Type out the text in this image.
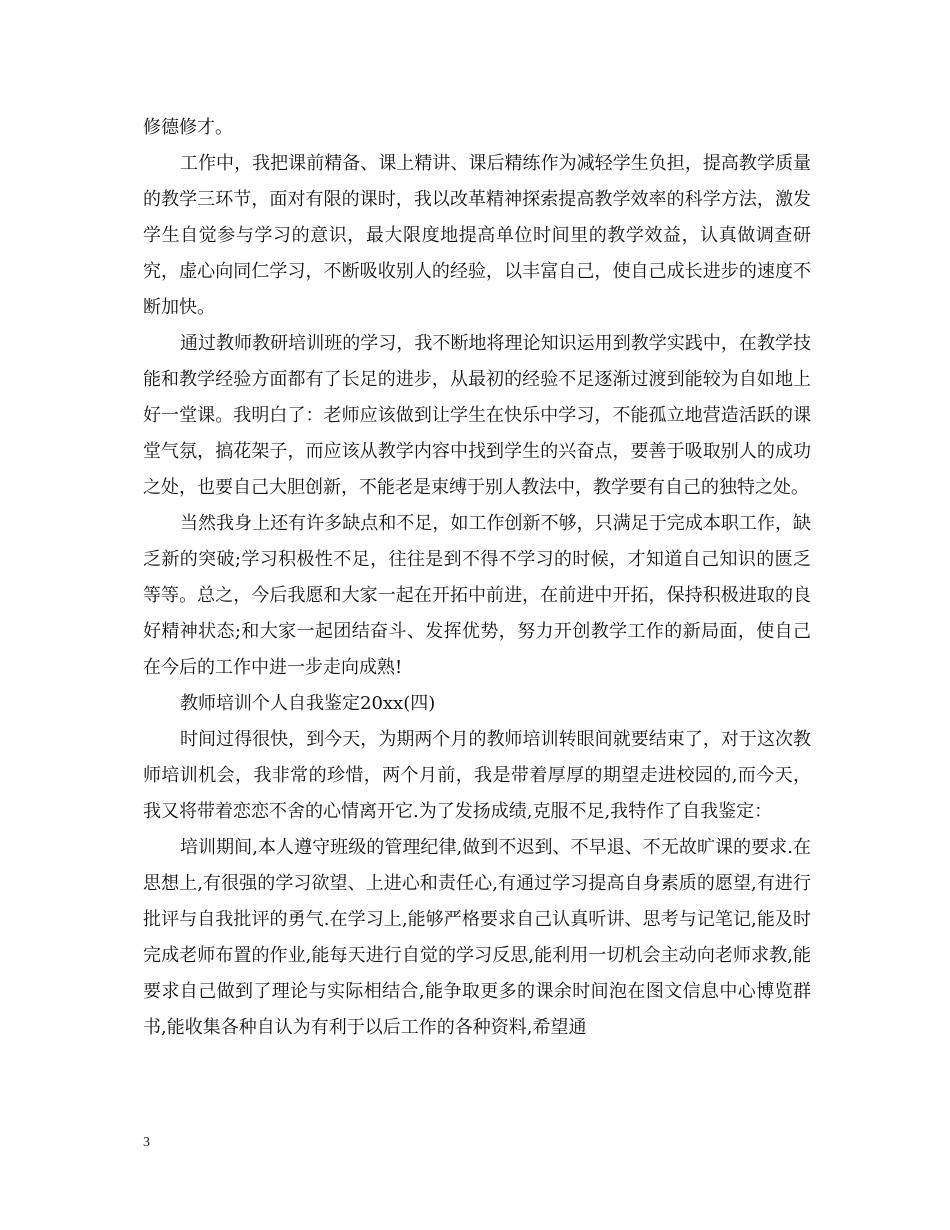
修德修才。

工作中，我把课前精备、课上精讲、课后精练作为减轻学生负担，提高教学质量的教学三环节，面对有限的课时，我以改革精神探索提高教学效率的科学方法，激发学生自觉参与学习的意识，最大限度地提高单位时间里的教学效益，认真做调查研究，虚心向同仁学习，不断吸收别人的经验，以丰富自己，使自己成长进步的速度不断加快。

通过教师教研培训班的学习，我不断地将理论知识运用到教学实践中，在教学技能和教学经验方面都有了长足的进步，从最初的经验不足逐渐过渡到能较为自如地上好一堂课。我明白了：老师应该做到让学生在快乐中学习，不能孤立地营造活跃的课堂气氛，搞花架子，而应该从教学内容中找到学生的兴奋点，要善于吸取别人的成功之处，也要自己大胆创新，不能老是束缚于别人教法中，教学要有自己的独特之处。

当然我身上还有许多缺点和不足，如工作创新不够，只满足于完成本职工作，缺乏新的突破;学习积极性不足，往往是到不得不学习的时候，才知道自己知识的匮乏等等。总之，今后我愿和大家一起在开拓中前进，在前进中开拓，保持积极进取的良好精神状态;和大家一起团结奋斗、发挥优势，努力开创教学工作的新局面，使自己在今后的工作中进一步走向成熟!

教师培训个人自我鉴定20xx(四)

时间过得很快，到今天，为期两个月的教师培训转眼间就要结束了，对于这次教师培训机会，我非常的珍惜，两个月前，我是带着厚厚的期望走进校园的,而今天，我又将带着恋恋不舍的心情离开它.为了发扬成绩,克服不足,我特作了自我鉴定：

培训期间,本人遵守班级的管理纪律,做到不迟到、不早退、不无故旷课的要求.在思想上,有很强的学习欲望、上进心和责任心,有通过学习提高自身素质的愿望,有进行批评与自我批评的勇气.在学习上,能够严格要求自己认真听讲、思考与记笔记,能及时完成老师布置的作业,能每天进行自觉的学习反思,能利用一切机会主动向老师求教,能要求自己做到了理论与实际相结合,能争取更多的课余时间泡在图文信息中心博览群书,能收集各种自认为有利于以后工作的各种资料,希望通

3
